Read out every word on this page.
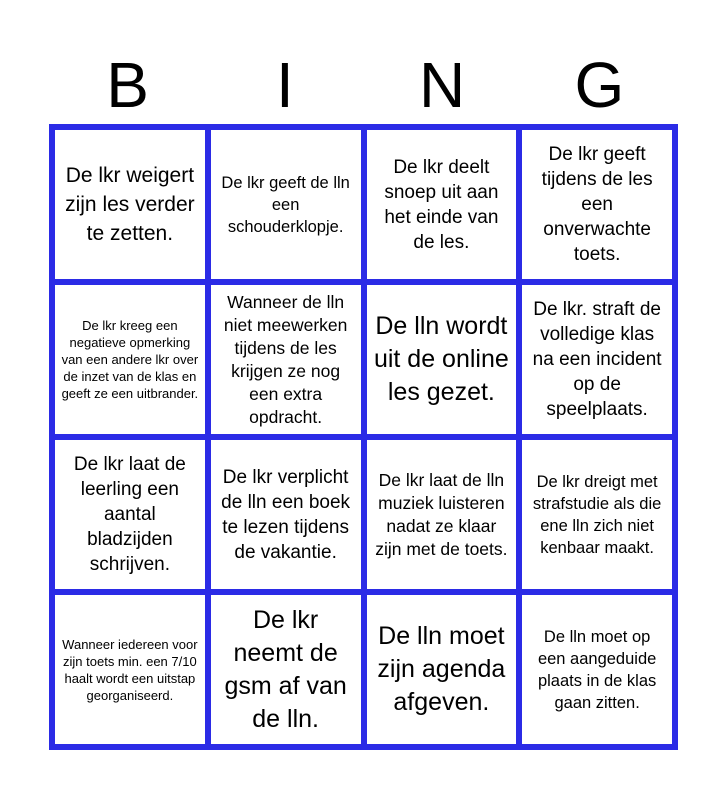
B	I	N	G
De lkr weigert zijn les verder te zetten.
De lkr geeft de lln een schouderklopje.
De lkr deelt snoep uit aan het einde van de les.
De lkr geeft tijdens de les een onverwachte toets.
De lkr kreeg een negatieve opmerking van een andere lkr over de inzet van de klas en geeft ze een uitbrander.
Wanneer de lln niet meewerken tijdens de les krijgen ze nog een extra opdracht.
De lln wordt uit de online les gezet.
De lkr. straft de volledige klas na een incident op de speelplaats.
De lkr laat de leerling een aantal bladzijden schrijven.
De lkr verplicht de lln een boek te lezen tijdens de vakantie.
De lkr laat de lln muziek luisteren nadat ze klaar zijn met de toets.
De lkr dreigt met strafstudie als die ene lln zich niet kenbaar maakt.
Wanneer iedereen voor zijn toets min. een 7/10 haalt wordt een uitstap georganiseerd.
De lkr neemt de gsm af van de lln.
De lln moet zijn agenda afgeven.
De lln moet op een aangeduide plaats in de klas gaan zitten.
